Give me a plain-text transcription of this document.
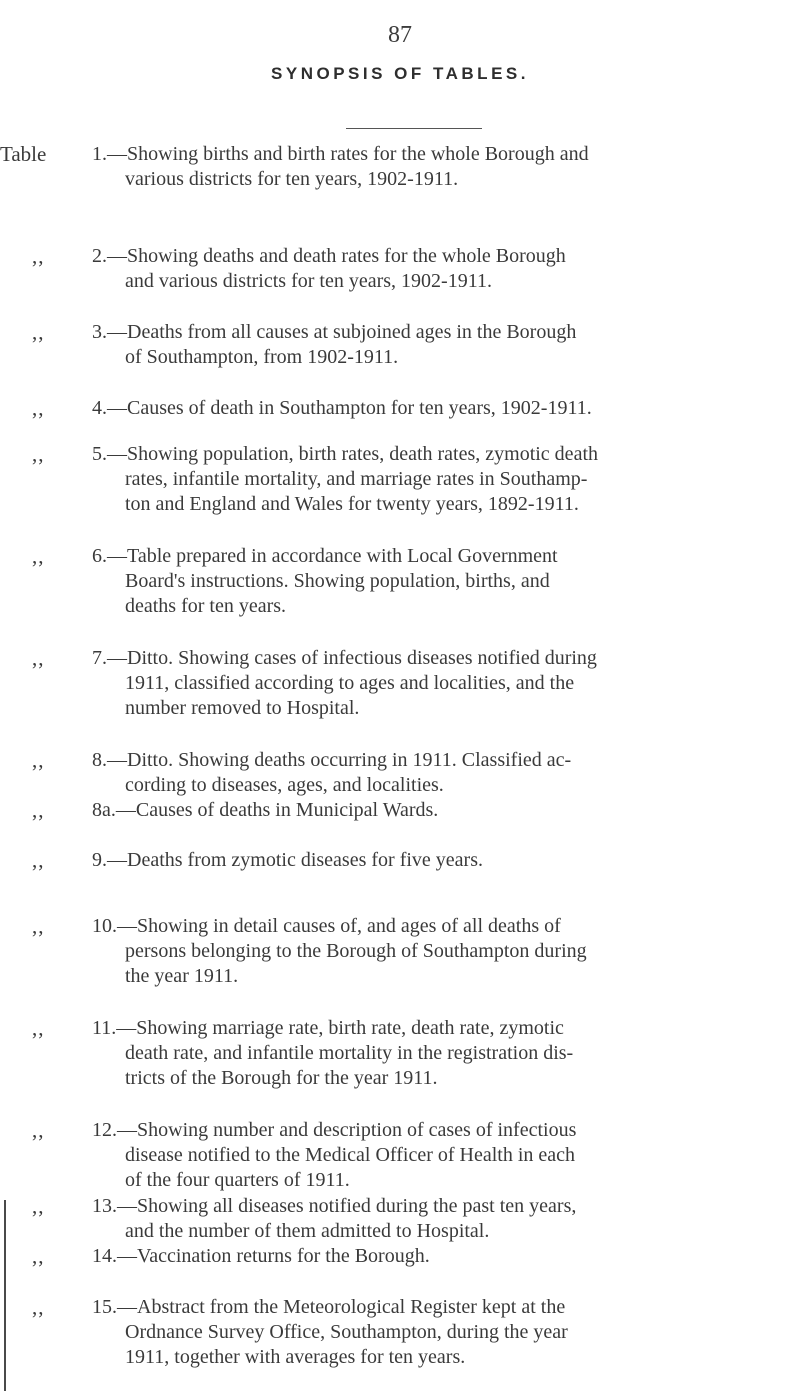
87
SYNOPSIS OF TABLES.
Table	1.—Showing births and birth rates for the whole Borough and
various districts for ten years, 1902-1911.
,,	2.—Showing deaths and death rates for the whole Borough
and various districts for ten years, 1902-1911.
,,	3.—Deaths from all causes at subjoined ages in the Borough
of Southampton, from 1902-1911.
,,	4.—Causes of death in Southampton for ten years, 1902-1911.
,,	5.—Showing population, birth rates, death rates, zymotic death
rates, infantile mortality, and marriage rates in Southamp-
ton and England and Wales for twenty years, 1892-1911.
,,	6.—Table prepared in accordance with Local Government
Board's instructions. Showing population, births, and
deaths for ten years.
,,	7.—Ditto. Showing cases of infectious diseases notified during
1911, classified according to ages and localities, and the
number removed to Hospital.
,,	8.—Ditto. Showing deaths occurring in 1911. Classified ac-
cording to diseases, ages, and localities.
,,	8a.—Causes of deaths in Municipal Wards.
,,	9.—Deaths from zymotic diseases for five years.
,,	10.—Showing in detail causes of, and ages of all deaths of
persons belonging to the Borough of Southampton during
the year 1911.
,,	11.—Showing marriage rate, birth rate, death rate, zymotic
death rate, and infantile mortality in the registration dis-
tricts of the Borough for the year 1911.
,,	12.—Showing number and description of cases of infectious
disease notified to the Medical Officer of Health in each
of the four quarters of 1911.
,,	13.—Showing all diseases notified during the past ten years,
and the number of them admitted to Hospital.
,,	14.—Vaccination returns for the Borough.
,,	15.—Abstract from the Meteorological Register kept at the
Ordnance Survey Office, Southampton, during the year
1911, together with averages for ten years.
